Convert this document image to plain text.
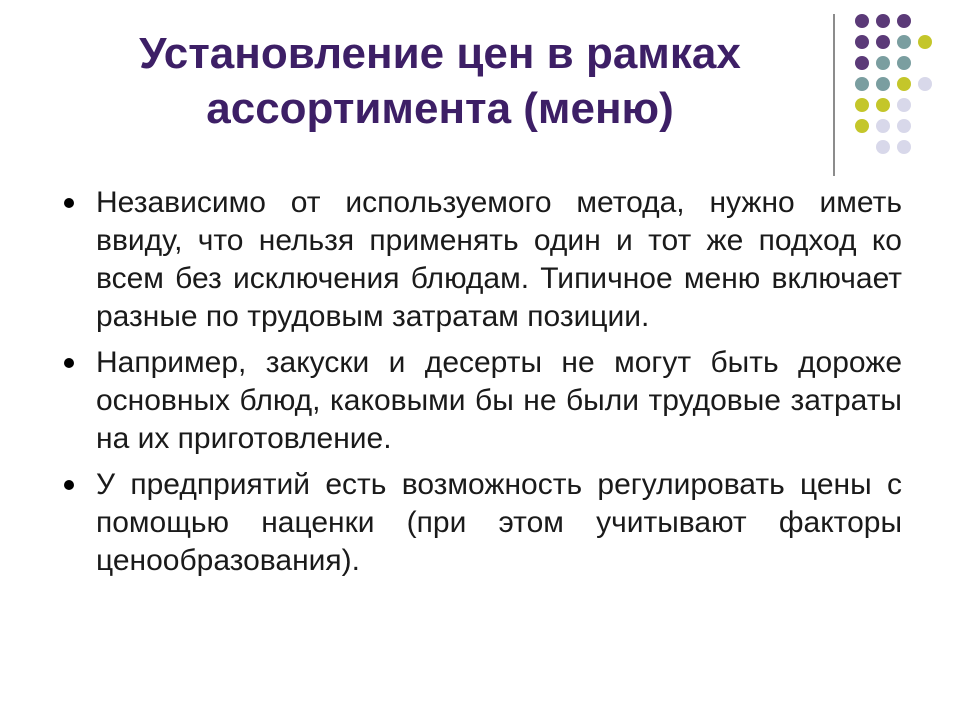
Установление цен в рамках
ассортимента (меню)
Независимо от используемого метода, нужно иметь ввиду, что нельзя применять один и тот же подход ко всем без исключения блюдам. Типичное меню включает разные по трудовым затратам позиции.
Например, закуски и десерты не могут быть дороже основных блюд, каковыми бы не были трудовые затраты на их приготовление.
У предприятий есть возможность регулировать цены с помощью наценки (при этом учитывают факторы ценообразования).
